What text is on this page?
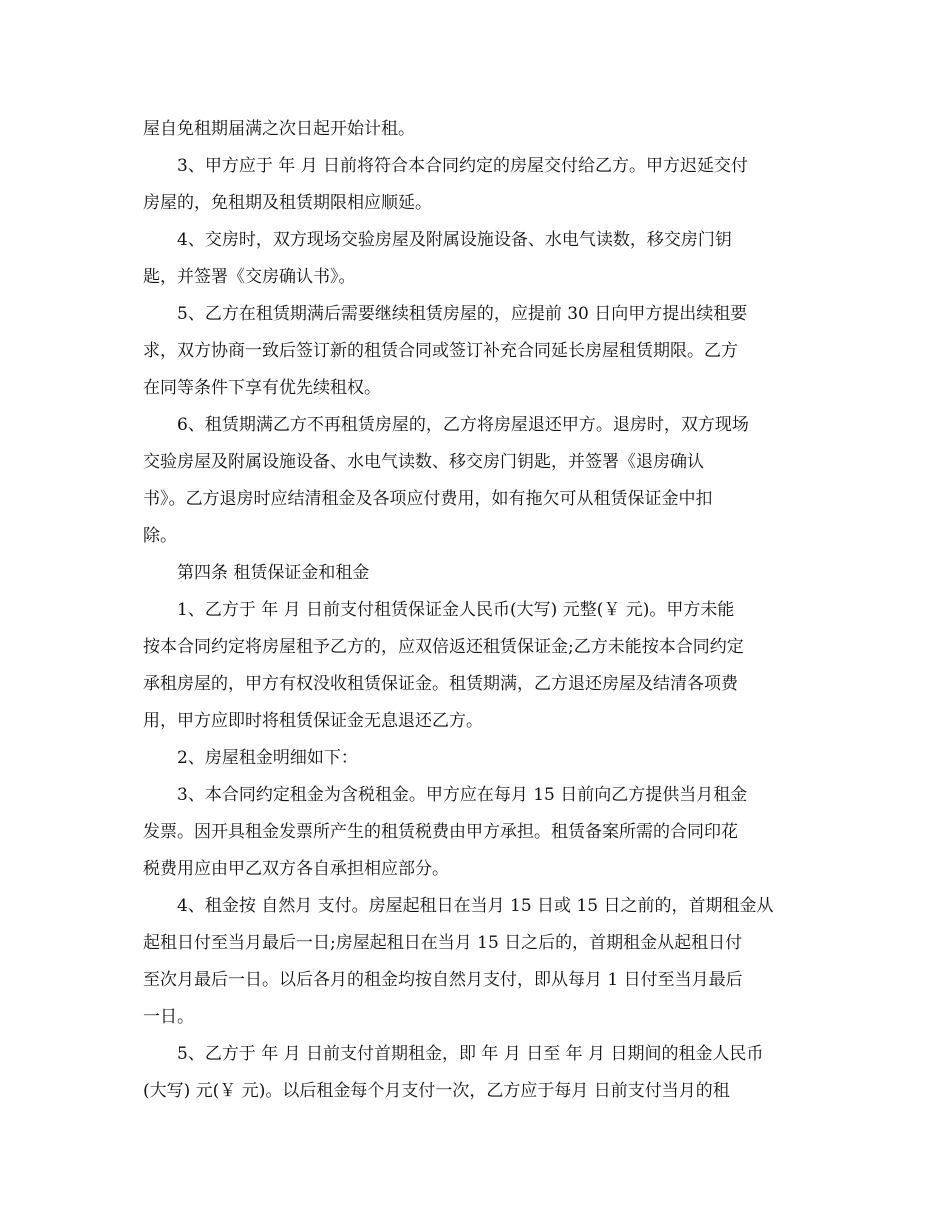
屋自免租期届满之次日起开始计租。
3、甲方应于 年 月 日前将符合本合同约定的房屋交付给乙方。甲方迟延交付
房屋的，免租期及租赁期限相应顺延。
4、交房时，双方现场交验房屋及附属设施设备、水电气读数，移交房门钥
匙，并签署《交房确认书》。
5、乙方在租赁期满后需要继续租赁房屋的，应提前 30 日向甲方提出续租要
求，双方协商一致后签订新的租赁合同或签订补充合同延长房屋租赁期限。乙方
在同等条件下享有优先续租权。
6、租赁期满乙方不再租赁房屋的，乙方将房屋退还甲方。退房时，双方现场
交验房屋及附属设施设备、水电气读数、移交房门钥匙，并签署《退房确认
书》。乙方退房时应结清租金及各项应付费用，如有拖欠可从租赁保证金中扣
除。
第四条 租赁保证金和租金
1、乙方于 年 月 日前支付租赁保证金人民币(大写) 元整(￥ 元)。甲方未能
按本合同约定将房屋租予乙方的，应双倍返还租赁保证金;乙方未能按本合同约定
承租房屋的，甲方有权没收租赁保证金。租赁期满，乙方退还房屋及结清各项费
用，甲方应即时将租赁保证金无息退还乙方。
2、房屋租金明细如下：
3、本合同约定租金为含税租金。甲方应在每月 15 日前向乙方提供当月租金
发票。因开具租金发票所产生的租赁税费由甲方承担。租赁备案所需的合同印花
税费用应由甲乙双方各自承担相应部分。
4、租金按 自然月 支付。房屋起租日在当月 15 日或 15 日之前的，首期租金从
起租日付至当月最后一日;房屋起租日在当月 15 日之后的，首期租金从起租日付
至次月最后一日。以后各月的租金均按自然月支付，即从每月 1 日付至当月最后
一日。
5、乙方于 年 月 日前支付首期租金，即 年 月 日至 年 月 日期间的租金人民币
(大写) 元(￥ 元)。以后租金每个月支付一次，乙方应于每月 日前支付当月的租
